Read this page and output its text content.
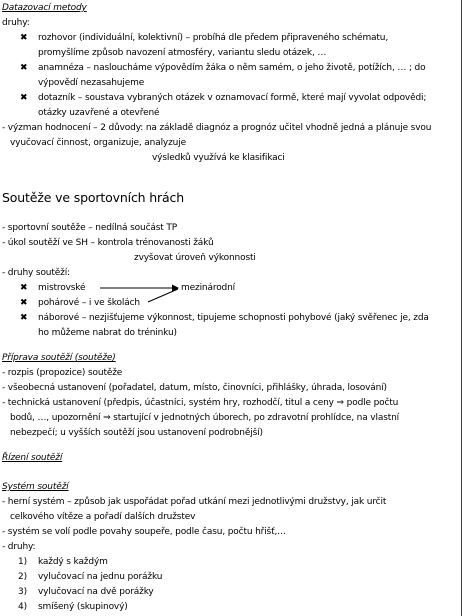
Datazovací metody
druhy:
✖ rozhovor (individuální, kolektivní) – probíhá dle předem připraveného schématu,
promyšlíme způsob navození atmosféry, variantu sledu otázek, …
✖ anamnéza – nasloucháme výpovědím žáka o něm samém, o jeho životě, potížích, … ; do
výpovědí nezasahujeme
✖ dotazník – soustava vybraných otázek v oznamovací formě, které mají vyvolat odpovědi;
otázky uzavřené a otevřené
- výzman hodnocení – 2 důvody: na základě diagnóz a prognóz učitel vhodně jedná a plánuje svou
vyučovací činnost, organizuje, analyzuje
výsledků využívá ke klasifikaci
Soutěže ve sportovních hrách
- sportovní soutěže – nedílná součást TP
- úkol soutěží ve SH – kontrola trénovanosti žáků
zvyšovat úroveň výkonnosti
- druhy soutěží:
✖ mistrovské	mezinárodní
✖ pohárové – i ve školách
✖ náborové – nezjišťujeme výkonnost, tipujeme schopnosti pohybové (jaký svěřenec je, zda
ho můžeme nabrat do tréninku)
Příprava soutěží (soutěže)
- rozpis (propozice) soutěže
- všeobecná ustanovení (pořadatel, datum, místo, činovníci, přihlášky, úhrada, losování)
- technická ustanovení (předpis, účastníci, systém hry, rozhodčí, titul a ceny ⇒ podle počtu
bodů, …, upozornění ⇒ startující v jednotných úborech, po zdravotní prohlídce, na vlastní
nebezpečí; u vyšších soutěží jsou ustanovení podrobnější)
Řízení soutěží
Systém soutěží
- herní systém – způsob jak uspořádat pořad utkání mezi jednotlivými družstvy, jak určit
celkového vítěze a pořadí dalších družstev
- systém se volí podle povahy soupeře, podle času, počtu hřišť,…
- druhy:
1) každý s každým
2) vylučovací na jednu porážku
3) vylučovací na dvě porážky
4) smíšený (skupinový)
